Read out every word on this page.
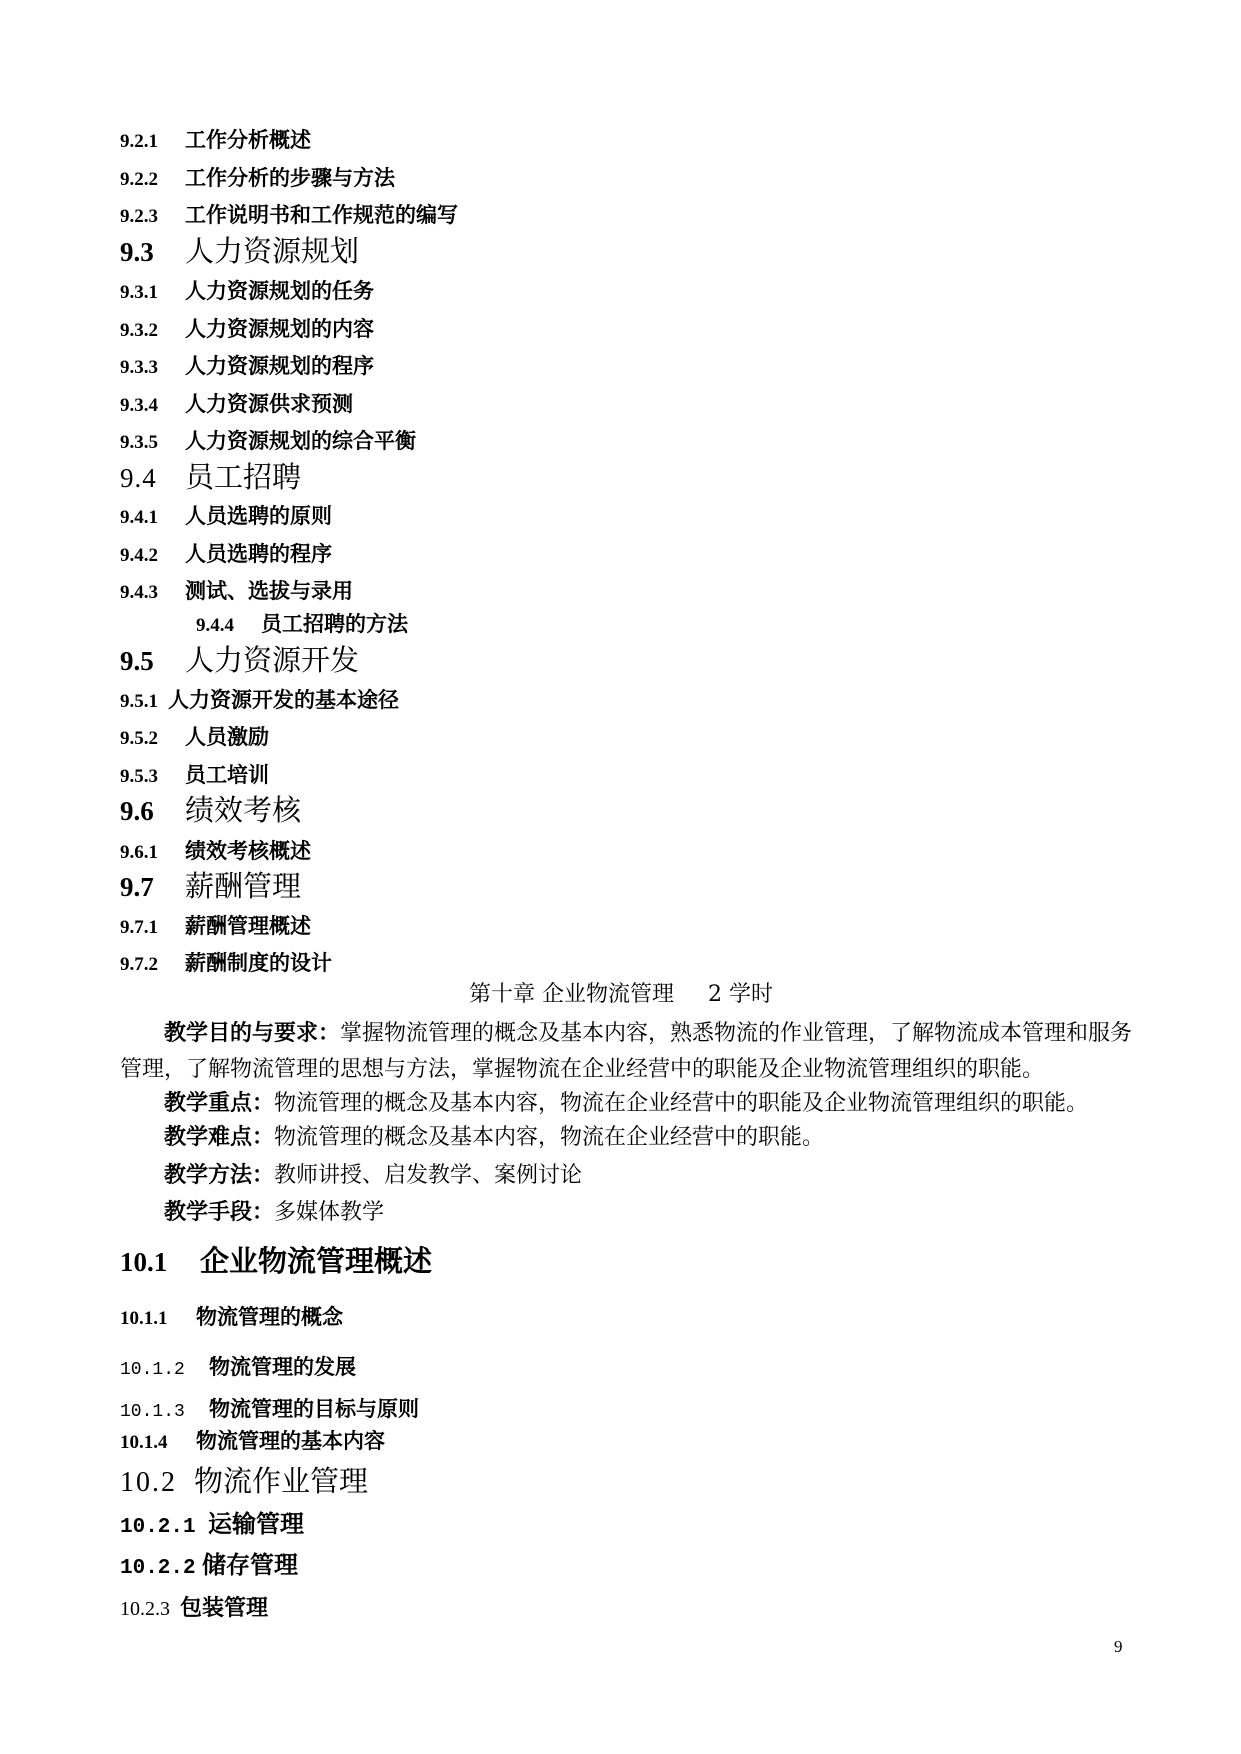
9.2.1 工作分析概述
9.2.2 工作分析的步骤与方法
9.2.3 工作说明书和工作规范的编写
9.3 人力资源规划
9.3.1 人力资源规划的任务
9.3.2 人力资源规划的内容
9.3.3 人力资源规划的程序
9.3.4 人力资源供求预测
9.3.5 人力资源规划的综合平衡
9.4 员工招聘
9.4.1 人员选聘的原则
9.4.2 人员选聘的程序
9.4.3 测试、选拔与录用
9.4.4 员工招聘的方法
9.5 人力资源开发
9.5.1 人力资源开发的基本途径
9.5.2 人员激励
9.5.3 员工培训
9.6 绩效考核
9.6.1 绩效考核概述
9.7 薪酬管理
9.7.1 薪酬管理概述
9.7.2 薪酬制度的设计
第十章 企业物流管理 2 学时
教学目的与要求：掌握物流管理的概念及基本内容，熟悉物流的作业管理，了解物流成本管理和服务
管理，了解物流管理的思想与方法，掌握物流在企业经营中的职能及企业物流管理组织的职能。
教学重点：物流管理的概念及基本内容，物流在企业经营中的职能及企业物流管理组织的职能。
教学难点：物流管理的概念及基本内容，物流在企业经营中的职能。
教学方法：教师讲授、启发教学、案例讨论
教学手段：多媒体教学
10.1 企业物流管理概述
10.1.1 物流管理的概念
10.1.2 物流管理的发展
10.1.3 物流管理的目标与原则
10.1.4 物流管理的基本内容
10.2 物流作业管理
10.2.1 运输管理
10.2.2 储存管理
10.2.3 包装管理
9
